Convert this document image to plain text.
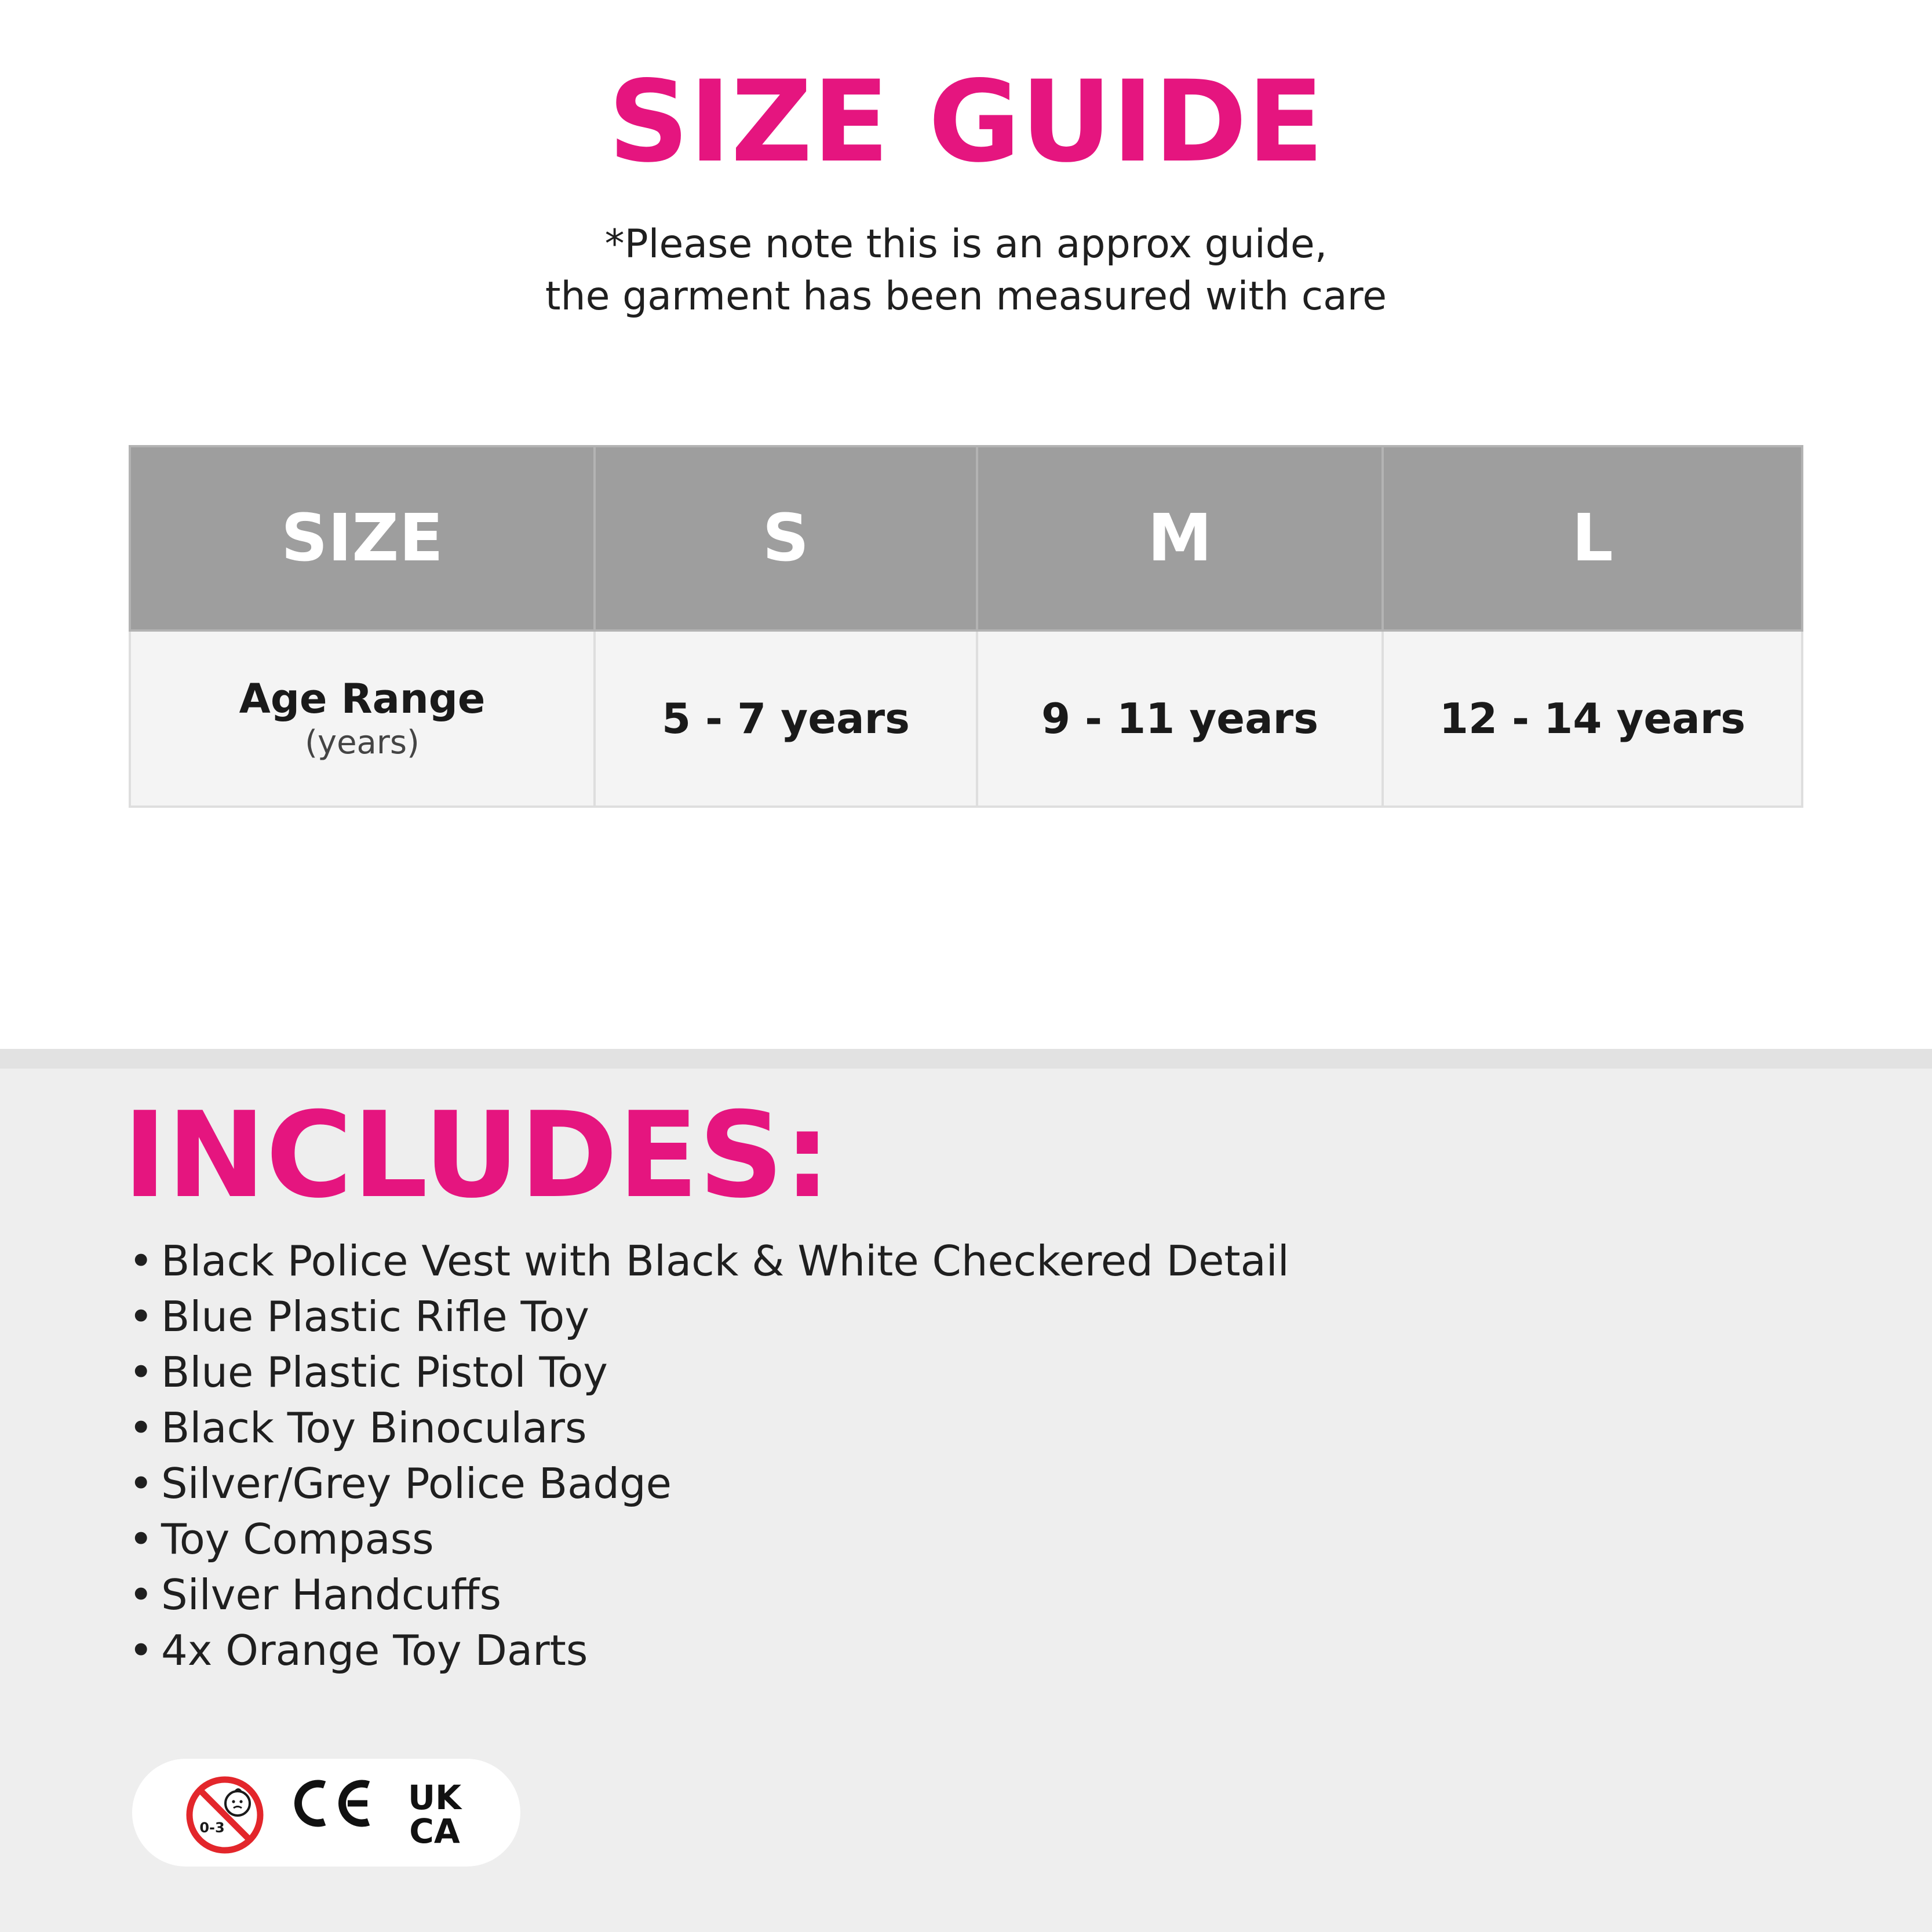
SIZE GUIDE

*Please note this is an approx guide,

the garment has been measured with care

SIZE	S	M	L

Age Range
(years)	5 - 7 years	9 - 11 years	12 - 14 years
INCLUDES:
• Black Police Vest with Black & White Checkered Detail
• Blue Plastic Rifle Toy
• Blue Plastic Pistol Toy
• Black Toy Binoculars
• Silver/Grey Police Badge
• Toy Compass
• Silver Handcuffs
• 4x Orange Toy Darts
0-3
UK
CA
